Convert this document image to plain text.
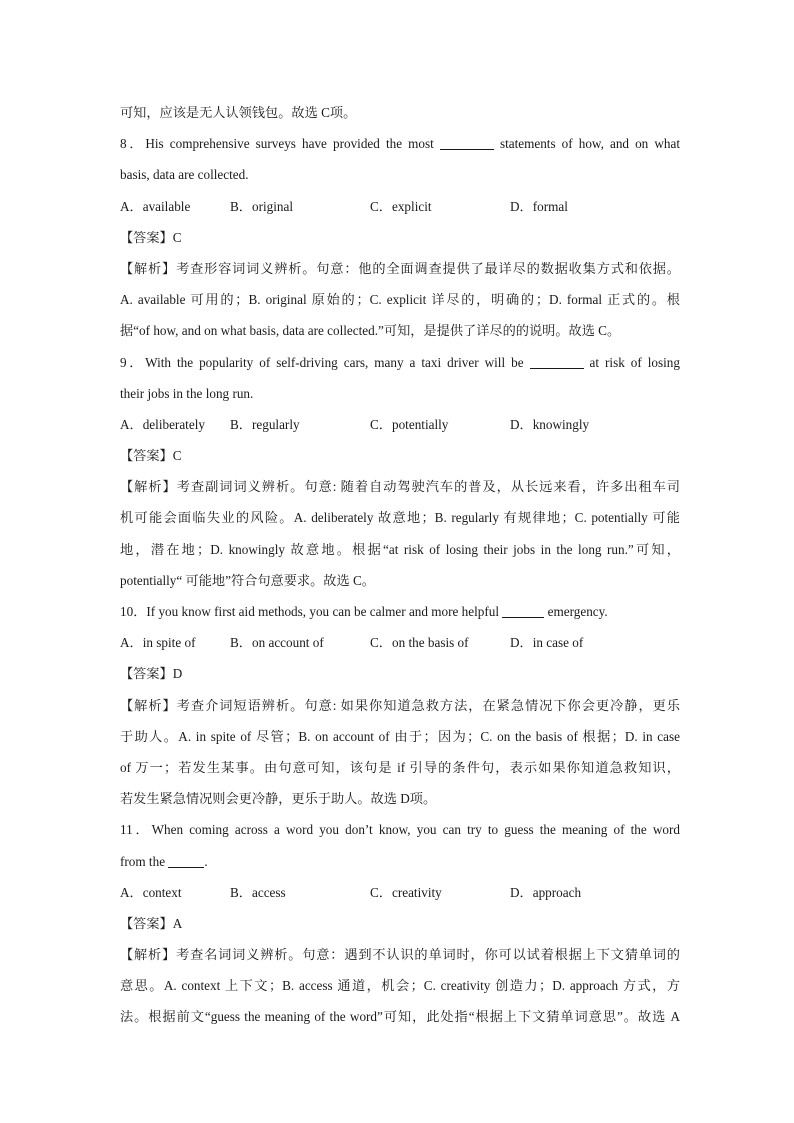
可知，应该是无人认领钱包。故选 C项。
8．His comprehensive surveys have provided the most	statements of how, and on what
basis, data are collected.
A．available	B．original	C．explicit	D．formal
【答案】C
【解析】考查形容词词义辨析。句意：他的全面调查提供了最详尽的数据收集方式和依据。
A. available 可用的；B. original 原始的；C. explicit 详尽的，明确的；D. formal 正式的。根
据“of how, and on what basis, data are collected.”可知，是提供了详尽的的说明。故选 C。
9．With the popularity of self-driving cars, many a taxi driver will be	at risk of losing
their jobs in the long run.
A．deliberately B．regularly	C．potentially	D．knowingly
【答案】C
【解析】考查副词词义辨析。句意: 随着自动驾驶汽车的普及，从长远来看，许多出租车司
机可能会面临失业的风险。A. deliberately 故意地；B. regularly 有规律地；C. potentially 可能
地，潜在地；D. knowingly 故意地。根据“at risk of losing their jobs in the long run.”可知，
potentially“ 可能地”符合句意要求。故选 C。
10．If you know first aid methods, you can be calmer and more helpful	emergency.
A．in spite of	B．on account of	C．on the basis of	D．in case of
【答案】D
【解析】考查介词短语辨析。句意: 如果你知道急救方法，在紧急情况下你会更冷静，更乐
于助人。A. in spite of 尽管；B. on account of 由于；因为；C. on the basis of 根据；D. in case
of 万一；若发生某事。由句意可知，该句是 if 引导的条件句，表示如果你知道急救知识，
若发生紧急情况则会更冷静，更乐于助人。故选 D项。
11．When coming across a word you don’t know, you can try to guess the meaning of the word
from the	.
A．context	B．access	C．creativity	D．approach
【答案】A
【解析】考查名词词义辨析。句意：遇到不认识的单词时，你可以试着根据上下文猜单词的
意思。A. context 上下文；B. access 通道，机会；C. creativity 创造力；D. approach 方式，方
法。根据前文“guess the meaning of the word”可知，此处指“根据上下文猜单词意思”。故选 A
